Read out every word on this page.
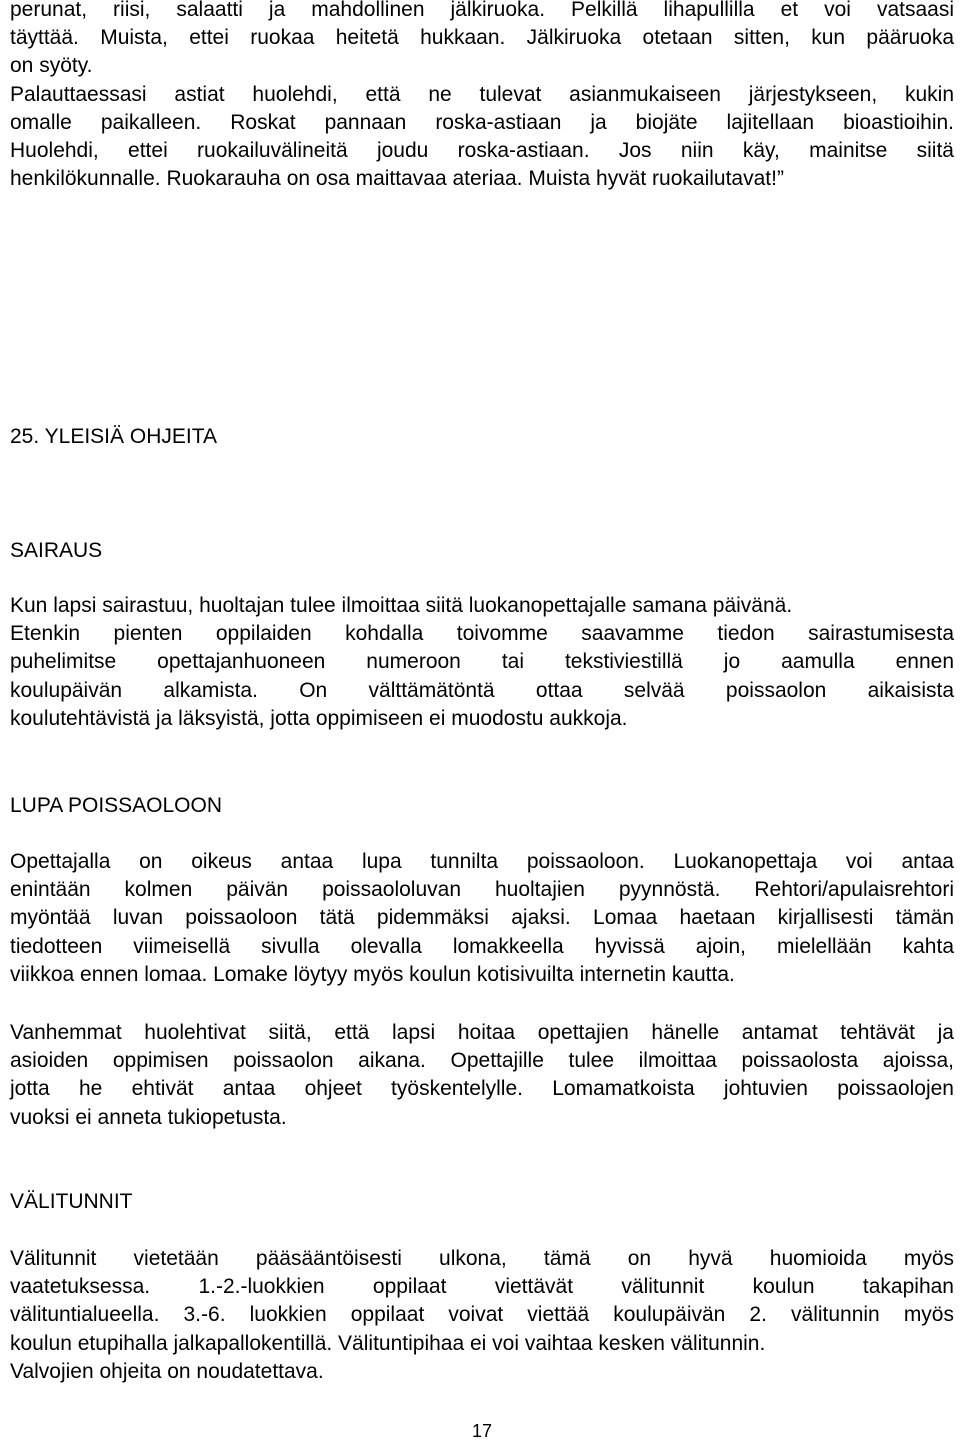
perunat, riisi, salaatti ja mahdollinen jälkiruoka. Pelkillä lihapullilla et voi vatsaasi
täyttää. Muista, ettei ruokaa heitetä hukkaan. Jälkiruoka otetaan sitten, kun pääruoka
on syöty.
Palauttaessasi astiat huolehdi, että ne tulevat asianmukaiseen järjestykseen, kukin
omalle paikalleen. Roskat pannaan roska-astiaan ja biojäte lajitellaan bioastioihin.
Huolehdi, ettei ruokailuvälineitä joudu roska-astiaan. Jos niin käy, mainitse siitä
henkilökunnalle. Ruokarauha on osa maittavaa ateriaa. Muista hyvät ruokailutavat!”

25. YLEISIÄ OHJEITA
SAIRAUS

Kun lapsi sairastuu, huoltajan tulee ilmoittaa siitä luokanopettajalle samana päivänä.
Etenkin pienten oppilaiden kohdalla toivomme saavamme tiedon sairastumisesta
puhelimitse opettajanhuoneen numeroon tai tekstiviestillä jo aamulla ennen
koulupäivän alkamista. On välttämätöntä ottaa selvää poissaolon aikaisista
koulutehtävistä ja läksyistä, jotta oppimiseen ei muodostu aukkoja.

LUPA POISSAOLOON

Opettajalla on oikeus antaa lupa tunnilta poissaoloon. Luokanopettaja voi antaa
enintään kolmen päivän poissaololuvan huoltajien pyynnöstä. Rehtori/apulaisrehtori
myöntää luvan poissaoloon tätä pidemmäksi ajaksi. Lomaa haetaan kirjallisesti tämän
tiedotteen viimeisellä sivulla olevalla lomakkeella hyvissä ajoin, mielellään kahta
viikkoa ennen lomaa. Lomake löytyy myös koulun kotisivuilta internetin kautta.

Vanhemmat huolehtivat siitä, että lapsi hoitaa opettajien hänelle antamat tehtävät ja
asioiden oppimisen poissaolon aikana. Opettajille tulee ilmoittaa poissaolosta ajoissa,
jotta he ehtivät antaa ohjeet työskentelylle. Lomamatkoista johtuvien poissaolojen
vuoksi ei anneta tukiopetusta.

VÄLITUNNIT

Välitunnit vietetään pääsääntöisesti ulkona, tämä on hyvä huomioida myös
vaatetuksessa. 1.-2.-luokkien oppilaat viettävät välitunnit koulun takapihan
välituntialueella. 3.-6. luokkien oppilaat voivat viettää koulupäivän 2. välitunnin myös
koulun etupihalla jalkapallokentillä. Välituntipihaa ei voi vaihtaa kesken välitunnin.
Valvojien ohjeita on noudatettava.

17
